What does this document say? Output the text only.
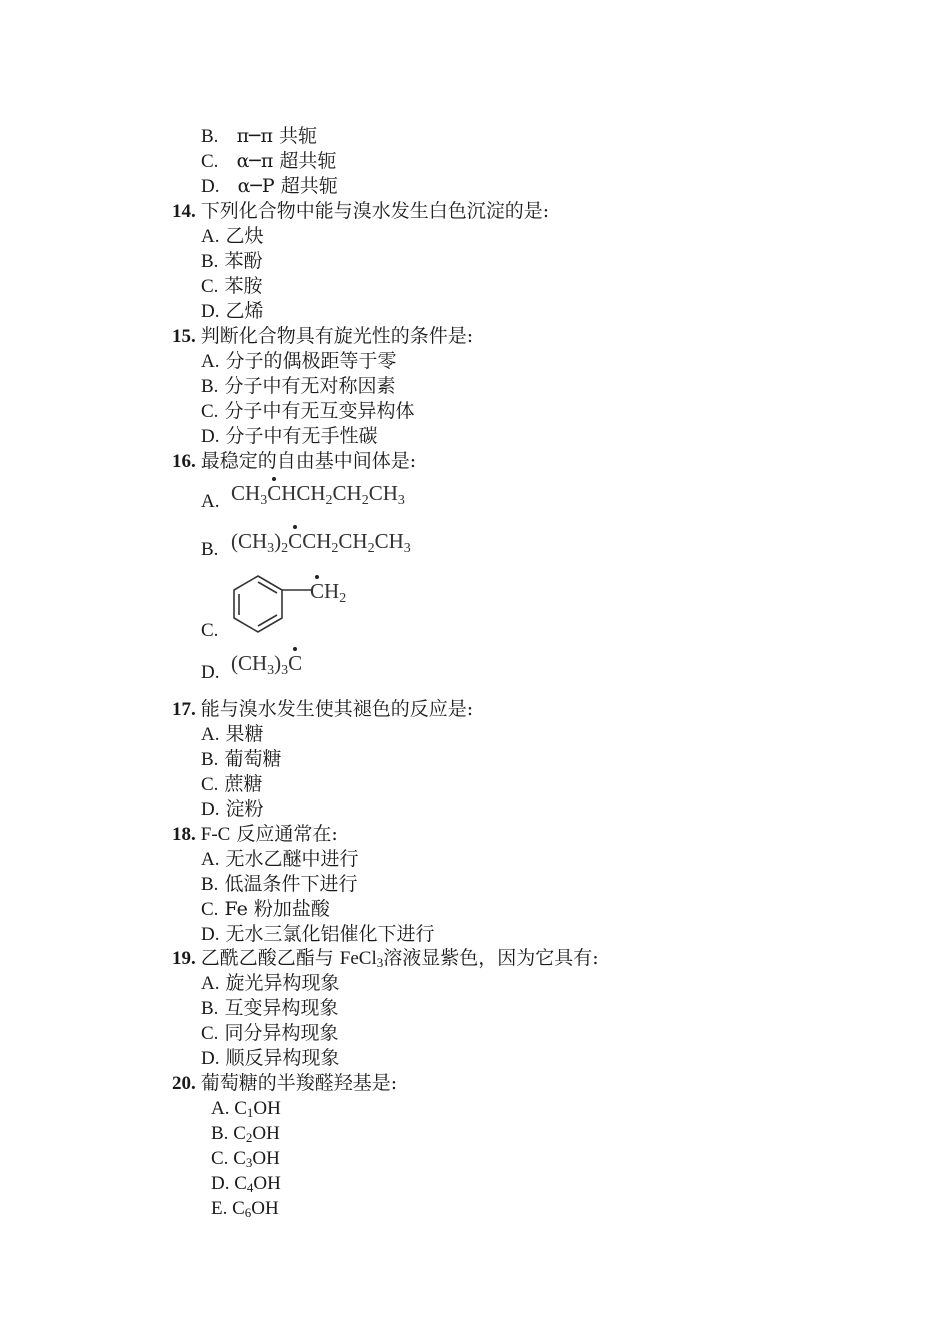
B. π─π 共轭
C. α─π 超共轭
D. α─P 超共轭
14. 下列化合物中能与溴水发生白色沉淀的是:
A. 乙炔
B. 苯酚
C. 苯胺
D. 乙烯
15. 判断化合物具有旋光性的条件是:
A. 分子的偶极距等于零
B. 分子中有无对称因素
C. 分子中有无互变异构体
D. 分子中有无手性碳
16. 最稳定的自由基中间体是:
A. $CH_3CHCH_2CH_2CH_3$
B. $(CH_3)_2CCH_2CH_2CH_3$
C.
$CH_2$
D. $(CH_3)_3C$
17. 能与溴水发生使其褪色的反应是:
A. 果糖
B. 葡萄糖
C. 蔗糖
D. 淀粉
18. F-C 反应通常在:
A. 无水乙醚中进行
B. 低温条件下进行
C. Fe 粉加盐酸
D. 无水三氯化铝催化下进行
19. 乙酰乙酸乙酯与 FeCl3溶液显紫色，因为它具有:
A. 旋光异构现象
B. 互变异构现象
C. 同分异构现象
D. 顺反异构现象
20. 葡萄糖的半羧醛羟基是:
A. C1OH
B. C2OH
C. C3OH
D. C4OH
E. C6OH
